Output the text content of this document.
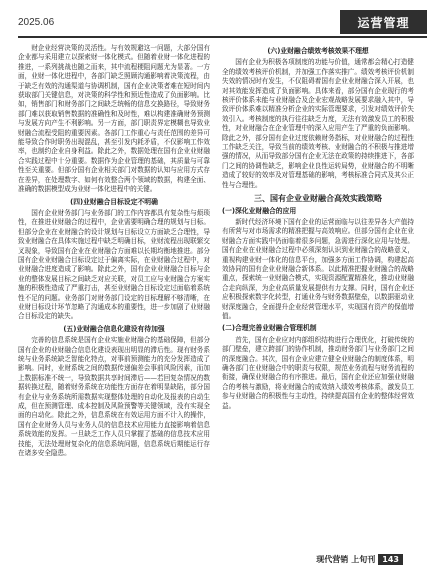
2025.06	运营管理

财企业经营决策的灵活性。与有效规避这一问题，大部分国有企业都与采用建立以探索财一体化模式。但随着业财一体化进程的推进，一系列挑战也随之而来，其中流程梗阻问题尤为显著。一方面，业财一体化进程中，各部门缺乏照顾沟通影响着决策流程，由于缺乏有效的沟通渠道与协调机制，国有企业决策者难在短时间内获取部门关键信息，对决策的科学性和预近性造成了负面影响。比如，销售部门和财务部门之间缺乏统畅的信息交换路径，导致财务部门难以获取销售数据的准确性和及时性，难以构建准确财务预测与发展方向产生不利影响。另一方面，部门职责界定模糊也导致业财融合流程受阻的重要因素。各部门工作重心与责任范围的差异可能导致合作时职务出现混乱，甚至引发内耗矛盾，不仅影响工作效率，也制约企业自身利益。除此之外，数据处理在国有企业业财融合实践过程中十分重要。数据作为企业管理的基础，其质量与可靠性至关重要。但部分国有企业相关部门对数据的认知与应用方式存在差异，在处理数字、如何有效整合两个领域的数据，构建全面、准确的数据模型成为业财一体化进程中的关键。

(四)业财融合目标设定不明确

国有企业财务部门与业务部门的工作内容都具有复杂性与烦琐性，在推进业财融合的过程中，企业需要明确合理的规划与目标。但部分企业在业财融合的设计规划与目标设立方面缺乏合理性，导致业财融合在具体实施过程中缺乏明确目标，业财流程出现联繁交叉现象，导致国有企业在业财融合方面难以长期均衡地推进。部分国有企业业财融合目标设定过于偏离实际，在业财融合过程中，对业财融合进度造成了影响。除此之外，国有企业业财融合目标与企业的整体发展目标之间缺乏对应关联，对员工应与业财融合方案实施的积极性造成了严重打击，甚至业财融合目标设定过面临着系统性不足的问题。业务部门对财务部门设定的目标理解不够清晰，在业财目标设计环节忽略了沟通成本的重要性，进一步加剧了业财融合目标设定的缺失。

(五)业财融合信息化建设有待加强

完善的信息系统是国有企业实施业财融合的基础保障，但部分国有企业的业财融合信息化建设表现出明显的滞后性。现有财务系统与业务系统缺乏智能化特点，对事前预测能力的充分发挥造成了影响。同时，业财系统之间的数据传递偏差会事前风险因素，而加上数据标准不统一，导致数据共享时间滞后——若回复杂情况的数据转换过程，随着财务系统在功能性方面存在着明显缺陷，部分国有企业与业务系统所需数据实现整体处理的自动化及报表的自动生成，但在预测管理、成本控制及风险预警等关键领域，没有实现全面的自动化。除此之外，信息系统在有效运用方面不计入的操作，国有企业财务人员与业务人员的信息技术应用能力直接影响着信息系统效能的发挥。一旦缺乏工作人员只掌握了基础的信息技术应用技能，无法处理财复杂化的信息系统问题，信息系统后期能运行存在诸多安全隐患。

(六)业财融合绩效考核效果不理想

国有企业为积极各项制度的功能与价值，通常都会精心打造健全的绩效考核评价机制，并加强工作落实推广。绩效考核评价机制失效的情况时有发生，不仅阻碍着国有企业业财融合深入开展，也对其效能发挥造成了负面影响。具体来看，部分国有企业现行的考核评价体系未能与业财融合及企业宏观战略发展要求融入其中，导致评价体系难以精准分析企业的实际管理要求，引发对绩效评价失效引入。考核制度的执行往往缺乏力度，无法有效激发员工的积极性，对业财融合在企业管理中的深入应用产生了严重的负面影响。除此之外，部分国有企业过度依赖财务指标，对业财融合的过程性工作缺乏关注，导致当前的绩效考核、业财融合的不积极与推进增强的情况，从而导致部分国有企业无法在政策的持续推进下，各部门之间的协调性缺乏，影响企业良性运转局势，业财融合的不明晰造成了较好的效率及对管理基础的影响，考核标准合同式及其公正性与合理性。

三、国有企业业财融合高效实践策略
(一)深化业财融合的应用

新时代经济环境下国有企业的运营面临与以往差异各大产值持有所营与对市场需求的精准把握与高效响应。但部分国有企业在业财融合方面实践中仍面临着很多问题，急需进行深化应用与处理。国有企业在业财融合过程中必须深刻认识到业财融合的战略意义，重视构建业财一体化的信息平台，加强多方面工作协调，构建起高效协同的国有企业业财融合新体系。以此精准把握业财融合的战略重点，探索统一业财融合模式，实现资源配置精准化，推动业财融合走向纵深，为企业高质量发展提供有力支撑。同时，国有企业还应积极探索数字化转型，打通业务与财务数据壁垒，以数据驱动业财深度融合，全面提升企业经营管理水平，实现国有资产的保值增值。

(二)合理完善业财融合管理机制

首先，国有企业应对内部组织结构进行合理优化，打破传统的部门壁垒，建立跨部门的协作机制，推动财务部门与业务部门之间的深度融合。其次，国有企业应建立健全业财融合的制度体系，明确各部门在业财融合中的职责与权限，规范业务流程与财务流程的衔接，确保业财融合的有序推进。最后，国有企业还应加强业财融合的考核与激励，将业财融合的成效纳入绩效考核体系，激发员工参与业财融合的积极性与主动性，持续提高国有企业的整体经营效益。

现代营销 上旬刊 143
